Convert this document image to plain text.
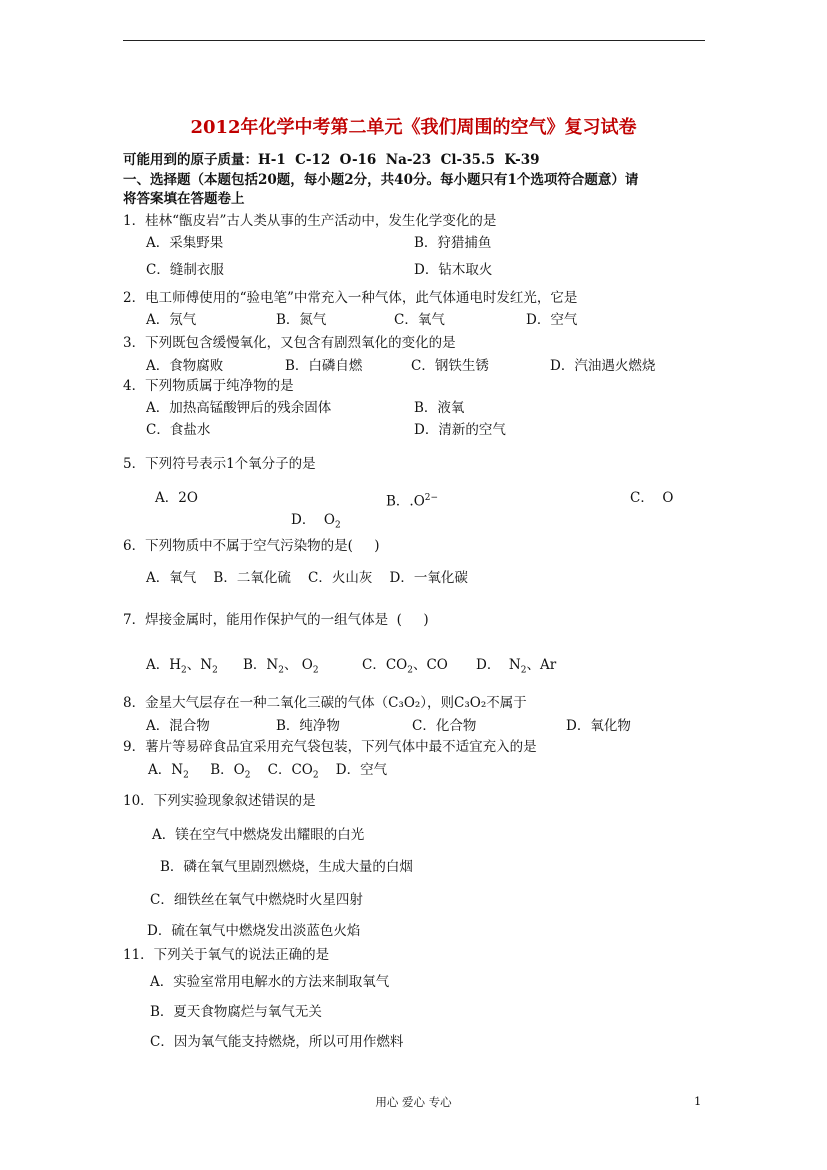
2012年化学中考第二单元《我们周围的空气》复习试卷
可能用到的原子质量：H-1  C-12  O-16  Na-23  Cl-35.5  K-39
一、选择题（本题包括20题，每小题2分，共40分。每小题只有1个选项符合题意）请
将答案填在答题卷上
1．桂林“甑皮岩”古人类从事的生产活动中，发生化学变化的是
A．采集野果	B．狩猎捕鱼
C．缝制衣服	D．钻木取火
2．电工师傅使用的“验电笔”中常充入一种气体，此气体通电时发红光，它是
A．氖气	B．氮气	C．氧气	D．空气
3．下列既包含缓慢氧化，又包含有剧烈氧化的变化的是
A．食物腐败	B．白磷自燃	C．钢铁生锈	D．汽油遇火燃烧
4．下列物质属于纯净物的是
A．加热高锰酸钾后的残余固体	B．液氧
C．食盐水	D．清新的空气
5．下列符号表示1个氧分子的是
A．2O	B．$.O^{2-}$	C．  O
D．  $O_2$
6．下列物质中不属于空气污染物的是(     )
A．氧气    B．二氧化硫    C．火山灰    D．一氧化碳
7．焊接金属时，能用作保护气的一组气体是  (     )
A．$H_2$、$N_2$ B．$N_2$、 $O_2$	C．$CO_2$、CO D．  $N_2$、Ar
8．金星大气层存在一种二氧化三碳的气体（C₃O₂），则C₃O₂不属于
A．混合物	B．纯净物	C．化合物	D．氧化物
9．薯片等易碎食品宜采用充气袋包装，下列气体中最不适宜充入的是
A．$N_2$     B．$O_2$    C．$CO_2$ D．空气
10．下列实验现象叙述错误的是
A．镁在空气中燃烧发出耀眼的白光
B．磷在氧气里剧烈燃烧，生成大量的白烟
C．细铁丝在氧气中燃烧时火星四射
D．硫在氧气中燃烧发出淡蓝色火焰
11．下列关于氧气的说法正确的是
A．实验室常用电解水的方法来制取氧气
B．夏天食物腐烂与氧气无关
C．因为氧气能支持燃烧，所以可用作燃料
用心 爱心 专心	1
